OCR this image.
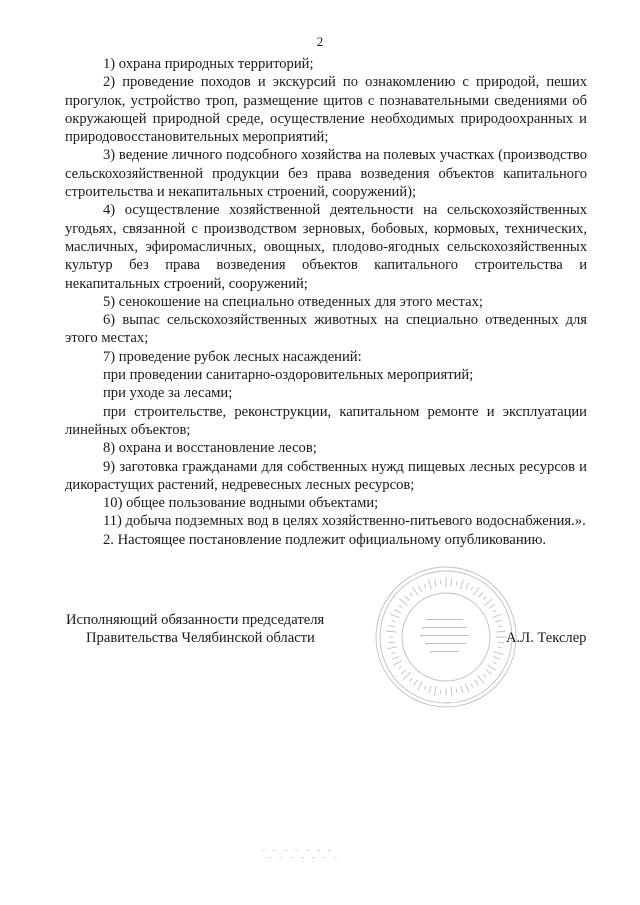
2

1) охрана природных территорий;

2) проведение походов и экскурсий по ознакомлению с природой, пеших прогулок, устройство троп, размещение щитов с познавательными сведениями об окружающей природной среде, осуществление необходимых природоохранных и природовосстановительных мероприятий;

3) ведение личного подсобного хозяйства на полевых участках (производство сельскохозяйственной продукции без права возведения объектов капитального строительства и некапитальных строений, сооружений);

4) осуществление хозяйственной деятельности на сельскохозяйственных угодьях, связанной с производством зерновых, бобовых, кормовых, технических, масличных, эфиромасличных, овощных, плодово-ягодных сельскохозяйственных культур без права возведения объектов капитального строительства и некапитальных строений, сооружений;

5) сенокошение на специально отведенных для этого местах;

6) выпас сельскохозяйственных животных на специально отведенных для этого местах;

7) проведение рубок лесных насаждений:

при проведении санитарно-оздоровительных мероприятий;

при уходе за лесами;

при строительстве, реконструкции, капитальном ремонте и эксплуатации линейных объектов;

8) охрана и восстановление лесов;

9) заготовка гражданами для собственных нужд пищевых лесных ресурсов и дикорастущих растений, недревесных лесных ресурсов;

10) общее пользование водными объектами;

11) добыча подземных вод в целях хозяйственно-питьевого водоснабжения.».

2. Настоящее постановление подлежит официальному опубликованию.

Исполняющий обязанности председателя

Правительства Челябинской области	А.Л. Текслер
